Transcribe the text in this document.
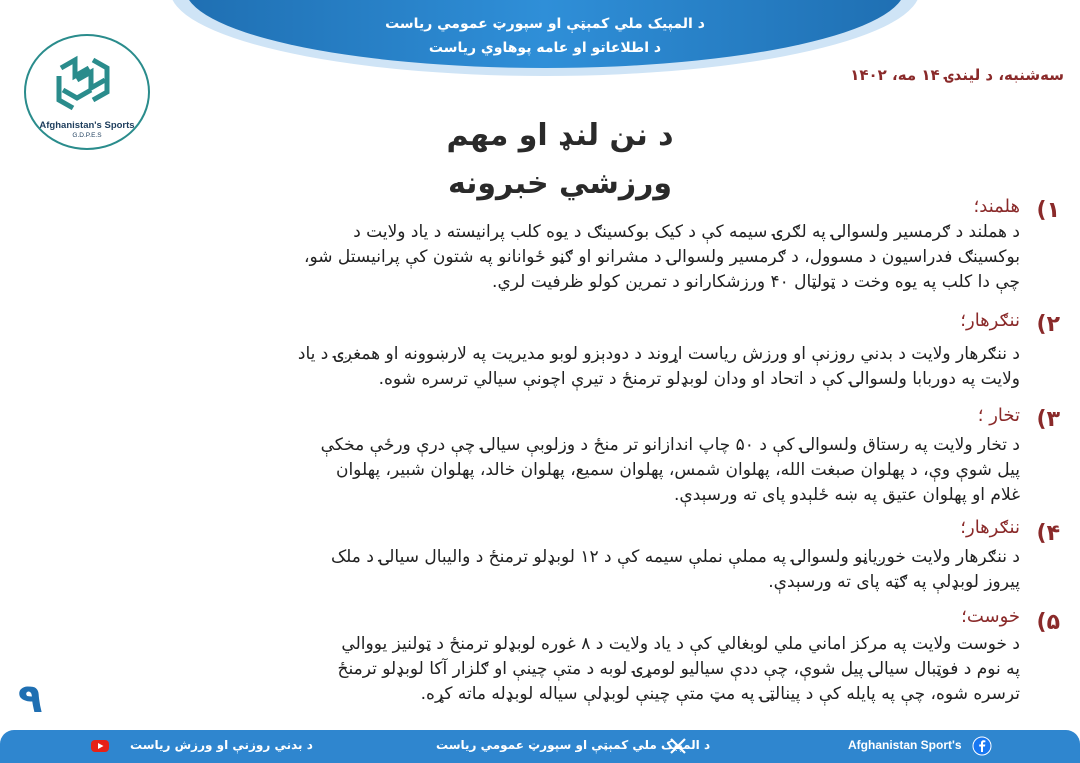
د المپیک ملي کمېټې او سپورټ عمومي ریاست
د اطلاعاتو او عامه پوهاوي ریاست
Afghanistan's Sports
G.D.P.E.S
سه‌شنبه، د لیندۍ ۱۴ مه، ۱۴۰۲
د نن لنډ او مهم
ورزشي خبرونه
۱)
هلمند؛
د هملند د ګرمسیر ولسوالۍ په لګرۍ سیمه کې د کیک بوکسینګ د یوه کلب پرانیسته د یاد ولایت د
بوکسینګ فدراسیون د مسوول، د ګرمسیر ولسوالۍ د مشرانو او ګڼو ځوانانو په شتون کې پرانیستل شو،
چې دا کلب په یوه وخت د ټولټال ۴۰ ورزشکارانو د تمرین کولو ظرفیت لري.
۲)
ننګرهار؛
د ننګرهار ولایت د بدني روزنې او ورزش ریاست اړوند د دودېزو لوبو مدیریت په لارښوونه او همغږۍ د یاد
ولایت په دوربابا ولسوالۍ کې د اتحاد او ودان لوبډلو ترمنځ د تیرې اچونې سیالي ترسره شوه.
۳)
تخار ؛
د تخار ولایت په رستاق ولسوالۍ کې د ۵۰ چاپ اندازانو تر منځ د وزلوبې سیالۍ چې درې ورځې مخکې
پیل شوې وې، د پهلوان صبغت الله، پهلوان شمس، پهلوان سمیع، پهلوان خالد، پهلوان شبیر، پهلوان
غلام او پهلوان عتیق په ښه ځلېدو پای ته ورسېدې.
۴)
ننګرهار؛
د ننګرهار ولایت خوږیاڼو ولسوالۍ په مملې نملې سیمه کې د ۱۲ لوبډلو ترمنځ د والیبال سیالۍ د ملک
پیروز لوبډلې په ګټه پای ته ورسېدې.
۵)
خوست؛
د خوست ولایت په مرکز اماني ملي لوبغالي کې د یاد ولایت د ۸ غوره لوبډلو ترمنځ د ټولنیز یووالي
په نوم د فوټبال سیالۍ پیل شوې، چې ددې سیالیو لومړۍ لوبه د متې چینې او ګلزار آکا لوبډلو ترمنځ
ترسره شوه، چې په پایله کې د پینالټۍ په مټ متې چینې لوبډلې سیاله لوبډله ماته کړه.
۹
د بدني روزنې او ورزش ریاست	د المپیک ملي کمېټې او سپورټ عمومي ریاست	Afghanistan Sport's
